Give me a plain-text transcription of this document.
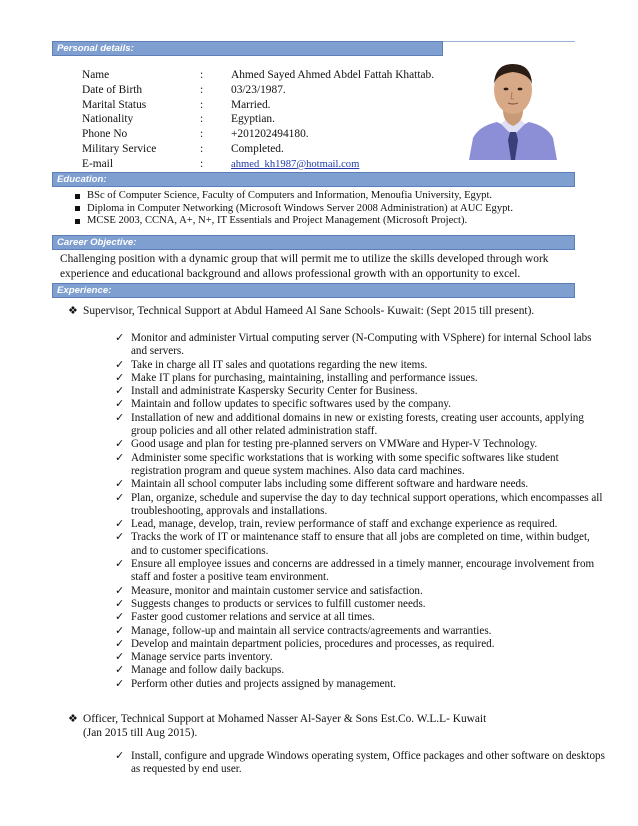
Personal details:
Name	:	Ahmed Sayed Ahmed Abdel Fattah Khattab.
Date of Birth	:	03/23/1987.
Marital Status	:	Married.
Nationality	:	Egyptian.
Phone No	:	+201202494180.
Military Service	:	Completed.
E-mail	:	ahmed_kh1987@hotmail.com
Education:
BSc of Computer Science, Faculty of Computers and Information, Menoufia University, Egypt.
Diploma in Computer Networking (Microsoft Windows Server 2008 Administration) at AUC Egypt.
MCSE 2003, CCNA, A+, N+, IT Essentials and Project Management (Microsoft Project).
Career Objective:
Challenging position with a dynamic group that will permit me to utilize the skills developed through work experience and educational background and allows professional growth with an opportunity to excel.
Experience:
❖ Supervisor, Technical Support at Abdul Hameed Al Sane Schools- Kuwait: (Sept 2015 till present).
✓ Monitor and administer Virtual computing server (N-Computing with VSphere) for internal School labs and servers.
✓ Take in charge all IT sales and quotations regarding the new items.
✓ Make IT plans for purchasing, maintaining, installing and performance issues.
✓ Install and administrate Kaspersky Security Center for Business.
✓ Maintain and follow updates to specific softwares used by the company.
✓ Installation of new and additional domains in new or existing forests, creating user accounts, applying group policies and all other related administration staff.
✓ Good usage and plan for testing pre-planned servers on VMWare and Hyper-V Technology.
✓ Administer some specific workstations that is working with some specific softwares like student registration program and queue system machines. Also data card machines.
✓ Maintain all school computer labs including some different software and hardware needs.
✓ Plan, organize, schedule and supervise the day to day technical support operations, which encompasses all troubleshooting, approvals and installations.
✓ Lead, manage, develop, train, review performance of staff and exchange experience as required.
✓ Tracks the work of IT or maintenance staff to ensure that all jobs are completed on time, within budget, and to customer specifications.
✓ Ensure all employee issues and concerns are addressed in a timely manner, encourage involvement from staff and foster a positive team environment.
✓ Measure, monitor and maintain customer service and satisfaction.
✓ Suggests changes to products or services to fulfill customer needs.
✓ Faster good customer relations and service at all times.
✓ Manage, follow-up and maintain all service contracts/agreements and warranties.
✓ Develop and maintain department policies, procedures and processes, as required.
✓ Manage service parts inventory.
✓ Manage and follow daily backups.
✓ Perform other duties and projects assigned by management.
❖ Officer, Technical Support at Mohamed Nasser Al-Sayer & Sons Est.Co. W.L.L- Kuwait
(Jan 2015 till Aug 2015).
✓ Install, configure and upgrade Windows operating system, Office packages and other software on desktops as requested by end user.
